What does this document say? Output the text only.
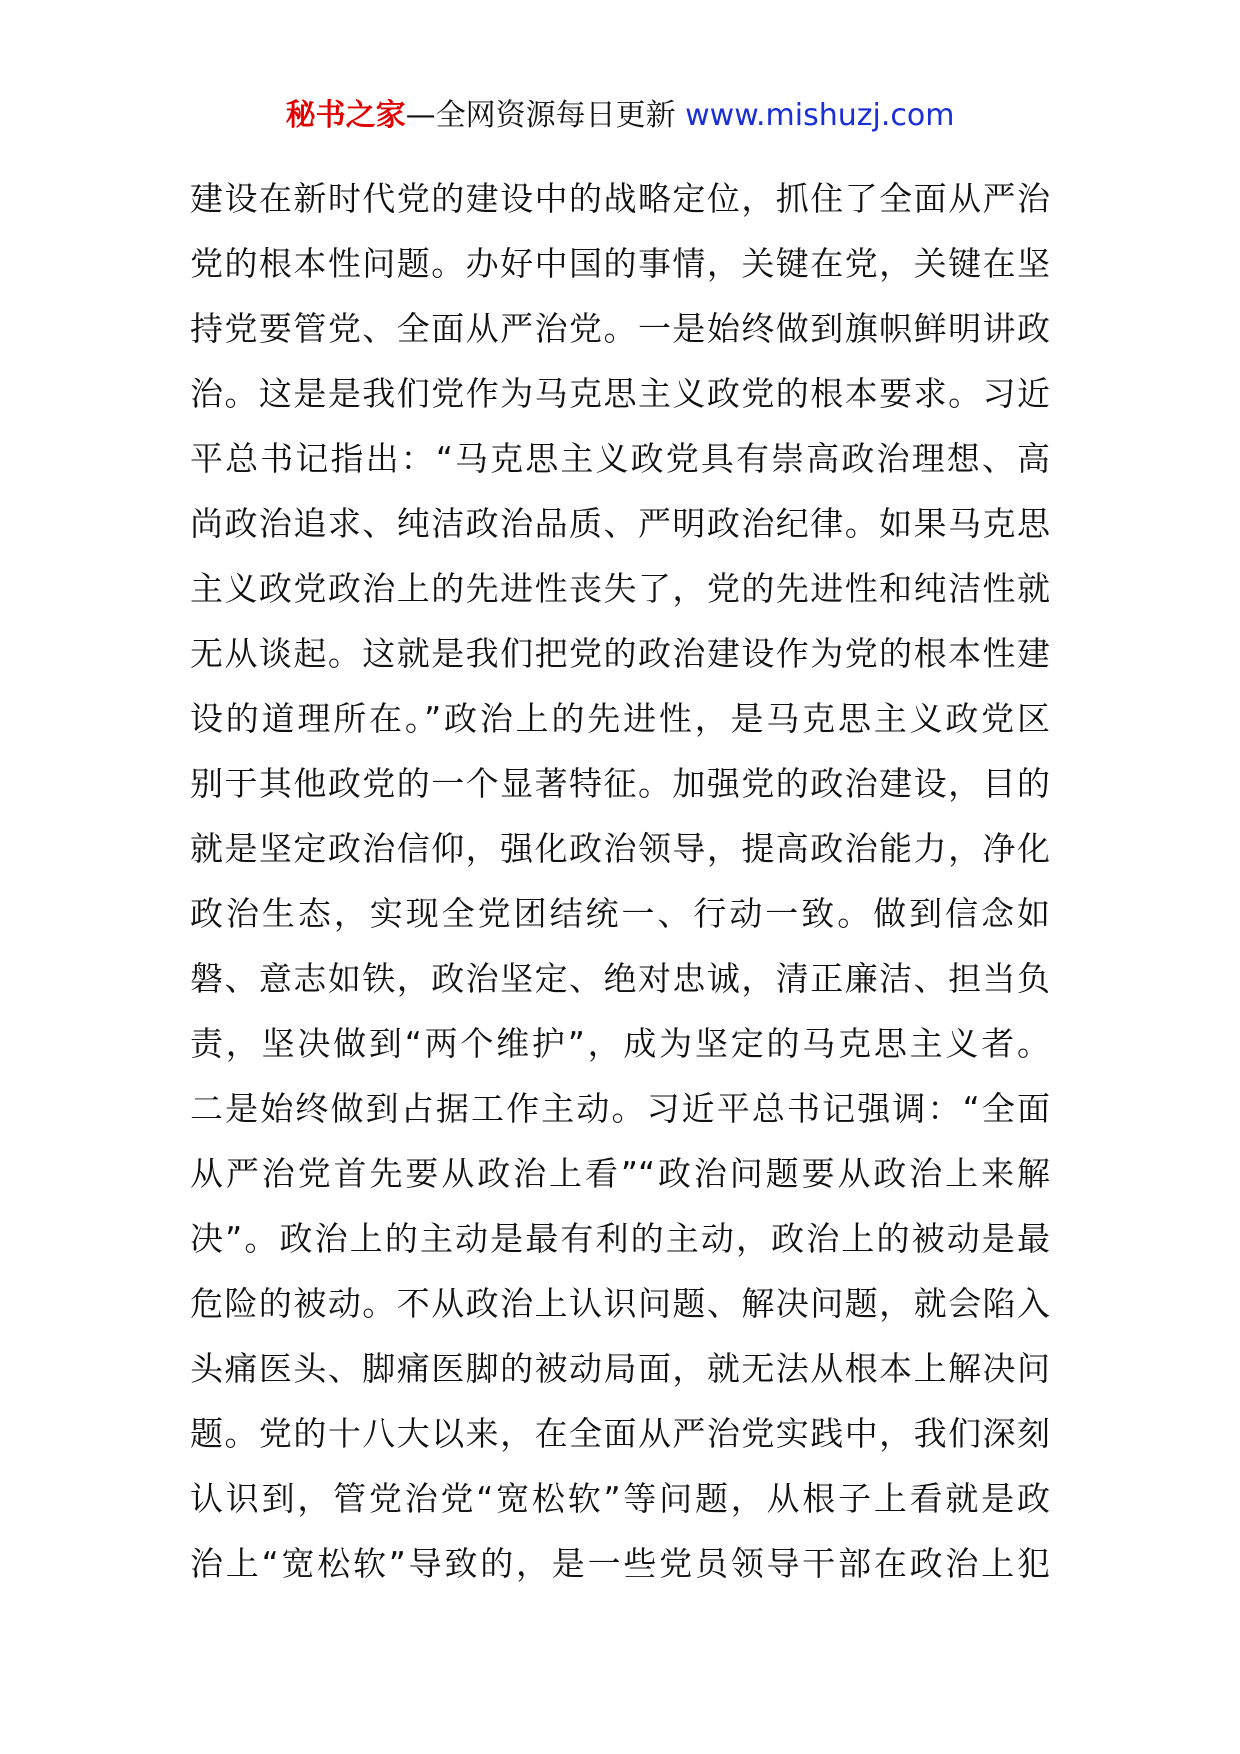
秘书之家—全网资源每日更新 www.mishuzj.com
建设在新时代党的建设中的战略定位，抓住了全面从严治
党的根本性问题。办好中国的事情，关键在党，关键在坚
持党要管党、全面从严治党。一是始终做到旗帜鲜明讲政
治。这是是我们党作为马克思主义政党的根本要求。习近
平总书记指出：“马克思主义政党具有崇高政治理想、高
尚政治追求、纯洁政治品质、严明政治纪律。如果马克思
主义政党政治上的先进性丧失了，党的先进性和纯洁性就
无从谈起。这就是我们把党的政治建设作为党的根本性建
设的道理所在。”政治上的先进性，是马克思主义政党区
别于其他政党的一个显著特征。加强党的政治建设，目的
就是坚定政治信仰，强化政治领导，提高政治能力，净化
政治生态，实现全党团结统一、行动一致。做到信念如
磐、意志如铁，政治坚定、绝对忠诚，清正廉洁、担当负
责，坚决做到“两个维护”，成为坚定的马克思主义者。
二是始终做到占据工作主动。习近平总书记强调：“全面
从严治党首先要从政治上看”“政治问题要从政治上来解
决”。政治上的主动是最有利的主动，政治上的被动是最
危险的被动。不从政治上认识问题、解决问题，就会陷入
头痛医头、脚痛医脚的被动局面，就无法从根本上解决问
题。党的十八大以来，在全面从严治党实践中，我们深刻
认识到，管党治党“宽松软”等问题，从根子上看就是政
治上“宽松软”导致的，是一些党员领导干部在政治上犯
